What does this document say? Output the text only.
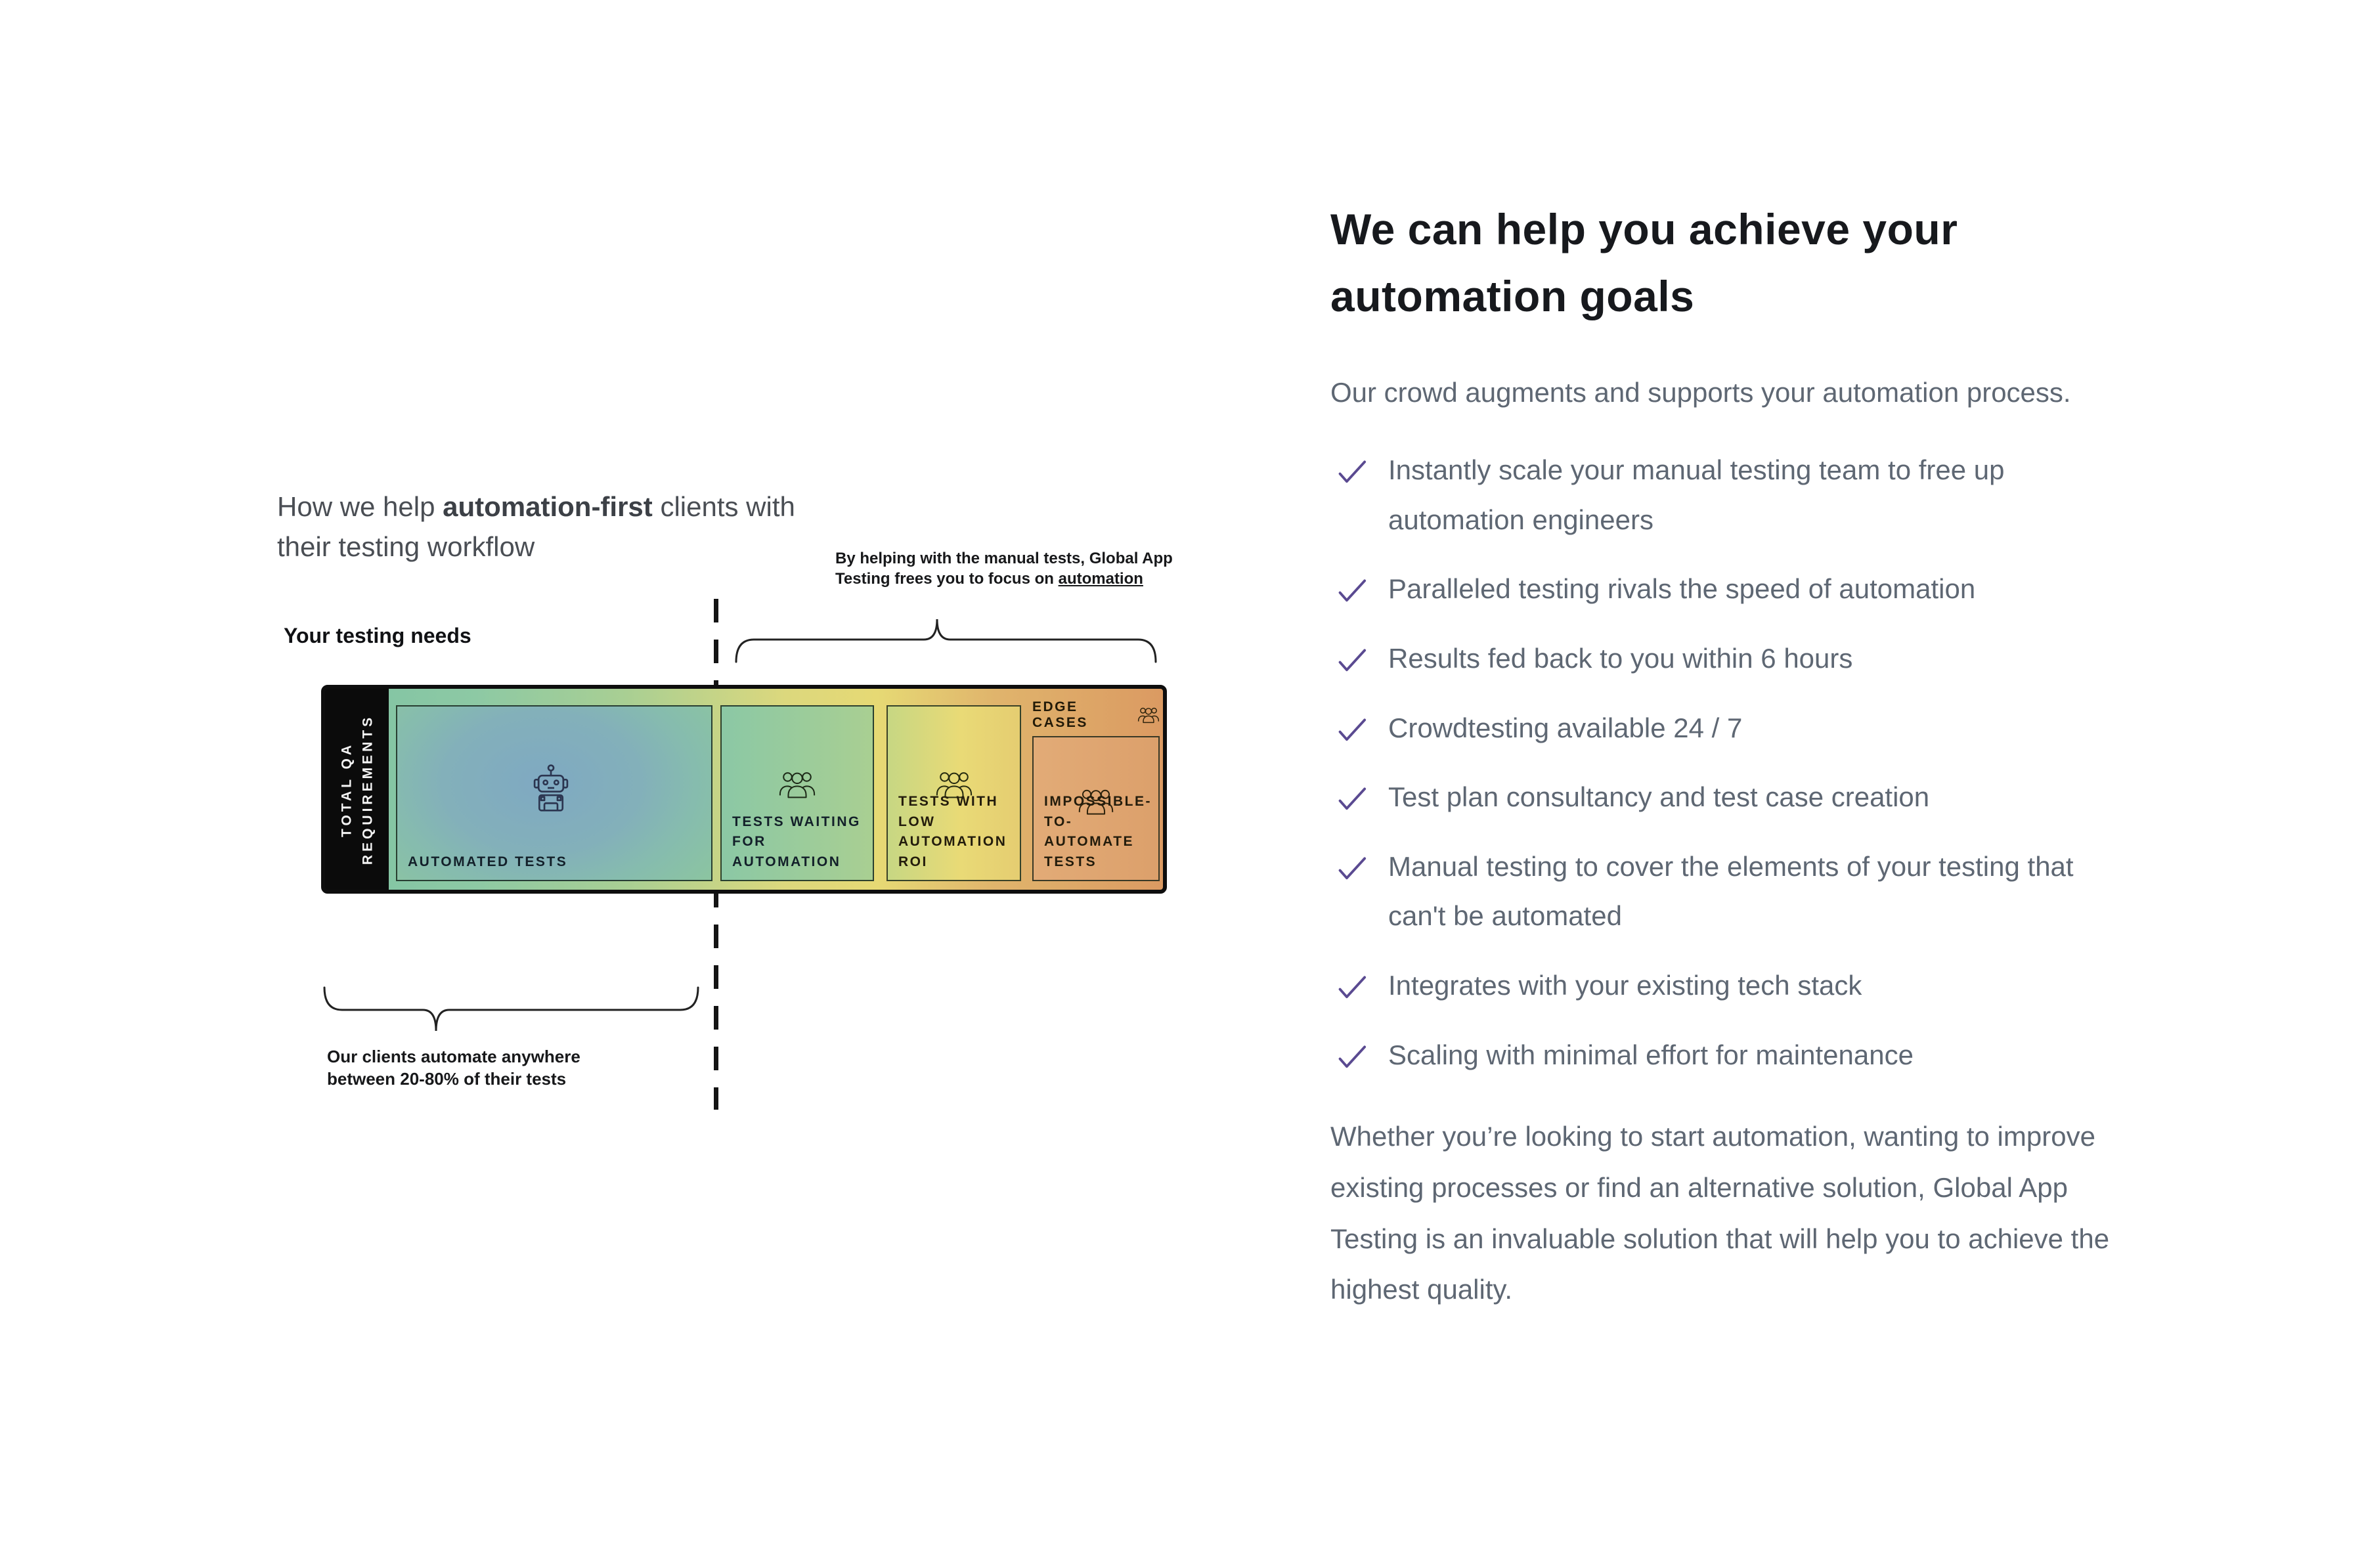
How we help automation-first clients with their testing workflow	By helping with the manual tests, Global App Testing frees you to focus on automation
Your testing needs
TOTAL QA REQUIREMENTS AUTOMATED TESTS
TESTS WAITING FOR AUTOMATION
TESTS WITH LOW AUTOMATION ROI
EDGE CASES
IMPOSSIBLE-TO-AUTOMATE TESTS
Our clients automate anywhere between 20-80% of their tests
We can help you achieve your
automation goals
Our crowd augments and supports your automation process.
Instantly scale your manual testing team to free up automation engineers
Paralleled testing rivals the speed of automation
Results fed back to you within 6 hours
Crowdtesting available 24 / 7
Test plan consultancy and test case creation
Manual testing to cover the elements of your testing that can't be automated
Integrates with your existing tech stack
Scaling with minimal effort for maintenance
Whether you’re looking to start automation, wanting to improve existing processes or find an alternative solution, Global App Testing is an invaluable solution that will help you to achieve the highest quality.
